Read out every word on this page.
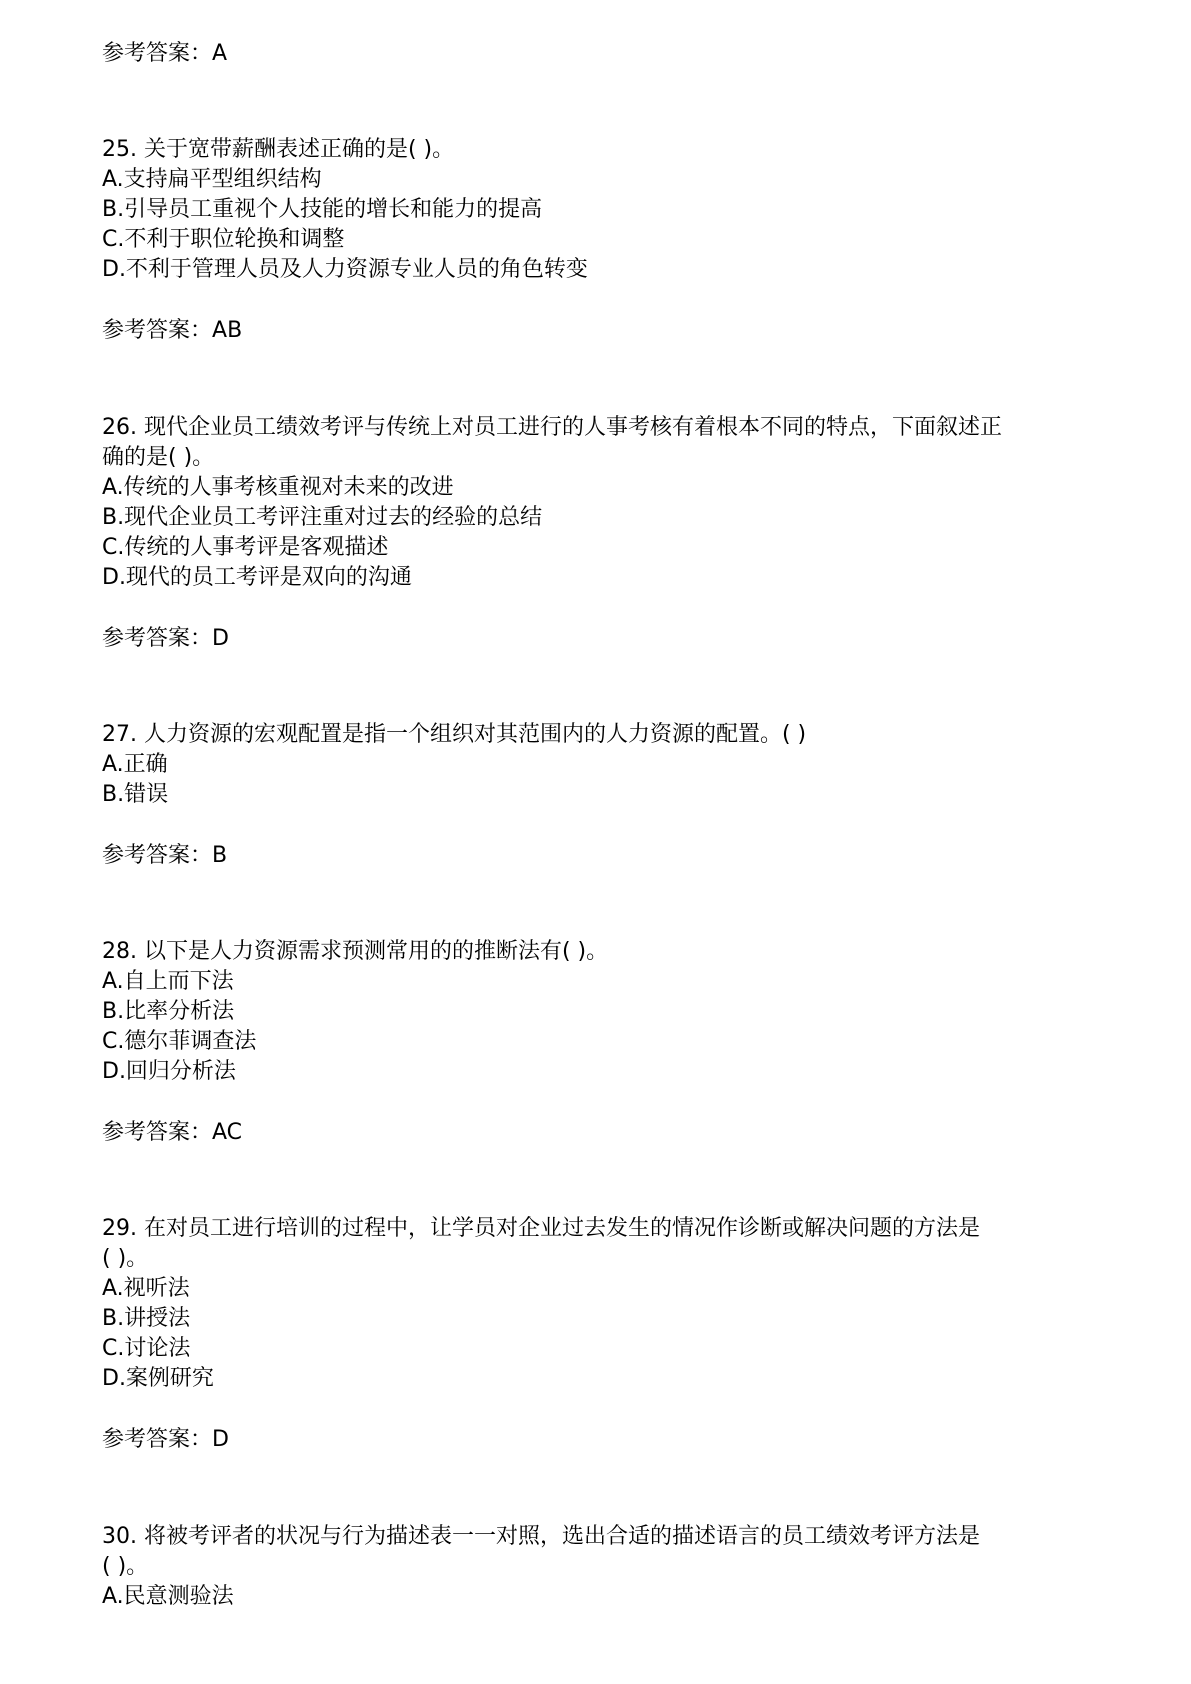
参考答案：A
25. 关于宽带薪酬表述正确的是( )。
A.支持扁平型组织结构
B.引导员工重视个人技能的增长和能力的提高
C.不利于职位轮换和调整
D.不利于管理人员及人力资源专业人员的角色转变
参考答案：AB
26. 现代企业员工绩效考评与传统上对员工进行的人事考核有着根本不同的特点，下面叙述正
确的是( )。
A.传统的人事考核重视对未来的改进
B.现代企业员工考评注重对过去的经验的总结
C.传统的人事考评是客观描述
D.现代的员工考评是双向的沟通
参考答案：D
27. 人力资源的宏观配置是指一个组织对其范围内的人力资源的配置。( )
A.正确
B.错误
参考答案：B
28. 以下是人力资源需求预测常用的的推断法有( )。
A.自上而下法
B.比率分析法
C.德尔菲调查法
D.回归分析法
参考答案：AC
29. 在对员工进行培训的过程中，让学员对企业过去发生的情况作诊断或解决问题的方法是
( )。
A.视听法
B.讲授法
C.讨论法
D.案例研究
参考答案：D
30. 将被考评者的状况与行为描述表一一对照，选出合适的描述语言的员工绩效考评方法是
( )。
A.民意测验法
